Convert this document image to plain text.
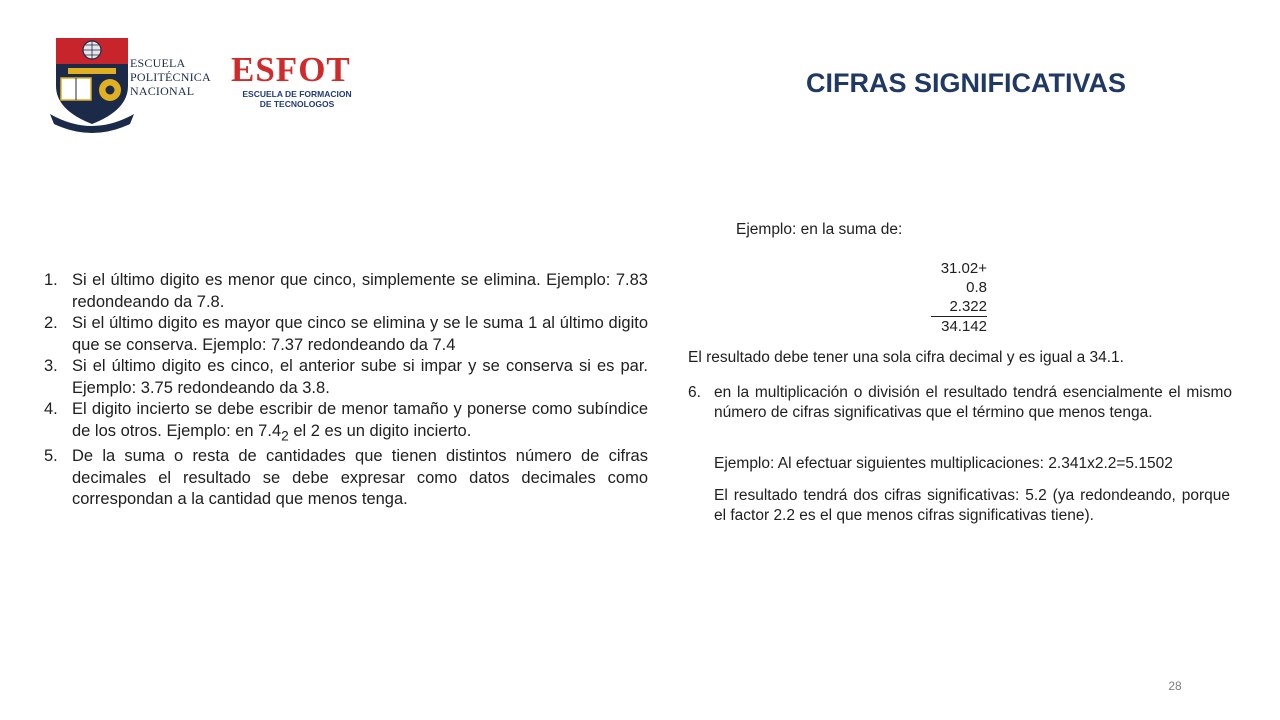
ESCUELA
POLITÉCNICA
NACIONAL
ESFOT
ESCUELA DE FORMACION
DE TECNOLOGOS
CIFRAS SIGNIFICATIVAS
1. Si el último digito es menor que cinco, simplemente se elimina. Ejemplo: 7.83 redondeando da 7.8.
2. Si el último digito es mayor que cinco se elimina y se le suma 1 al último digito que se conserva. Ejemplo: 7.37 redondeando da 7.4
3. Si el último digito es cinco, el anterior sube si impar y se conserva si es par. Ejemplo: 3.75 redondeando da 3.8.
4. El digito incierto se debe escribir de menor tamaño y ponerse como subíndice de los otros. Ejemplo: en $7.4_2$ el 2 es un digito incierto.
5. De la suma o resta de cantidades que tienen distintos número de cifras decimales el resultado se debe expresar como datos decimales como correspondan a la cantidad que menos tenga.
Ejemplo: en la suma de:
31.02+
0.8
2.322
34.142
El resultado debe tener una sola cifra decimal y es igual a 34.1.
6. en la multiplicación o división el resultado tendrá esencialmente el mismo número de cifras significativas que el término que menos tenga.
Ejemplo: Al efectuar siguientes multiplicaciones: 2.341x2.2=5.1502
El resultado tendrá dos cifras significativas: 5.2 (ya redondeando, porque el factor 2.2 es el que menos cifras significativas tiene).
28
